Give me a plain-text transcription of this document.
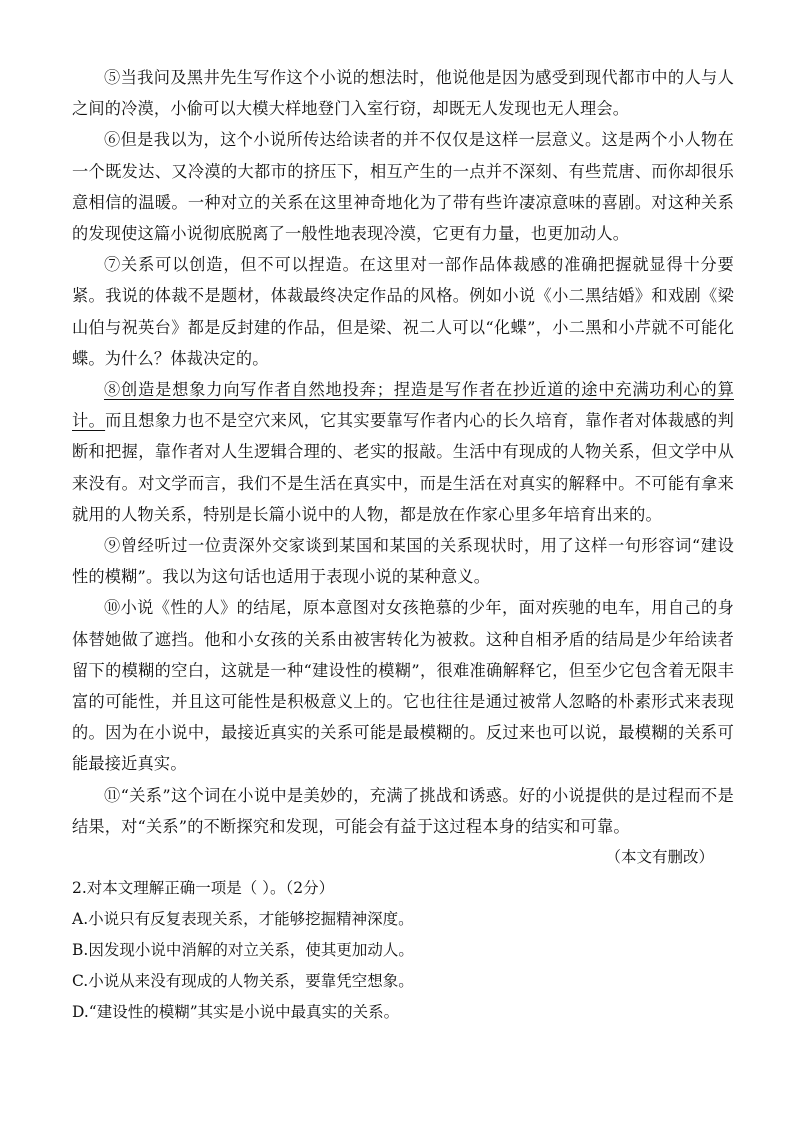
⑤当我问及黑井先生写作这个小说的想法时，他说他是因为感受到现代都市中的人与人之间的冷漠，小偷可以大模大样地登门入室行窃，却既无人发现也无人理会。

⑥但是我以为，这个小说所传达给读者的并不仅仅是这样一层意义。这是两个小人物在一个既发达、又冷漠的大都市的挤压下，相互产生的一点并不深刻、有些荒唐、而你却很乐意相信的温暖。一种对立的关系在这里神奇地化为了带有些许凄凉意味的喜剧。对这种关系的发现使这篇小说彻底脱离了一般性地表现冷漠，它更有力量，也更加动人。

⑦关系可以创造，但不可以捏造。在这里对一部作品体裁感的准确把握就显得十分要紧。我说的体裁不是题材，体裁最终决定作品的风格。例如小说《小二黑结婚》和戏剧《梁山伯与祝英台》都是反封建的作品，但是梁、祝二人可以“化蝶”，小二黑和小芹就不可能化蝶。为什么？体裁决定的。

⑧创造是想象力向写作者自然地投奔；捏造是写作者在抄近道的途中充满功利心的算计。而且想象力也不是空穴来风，它其实要靠写作者内心的长久培育，靠作者对体裁感的判断和把握，靠作者对人生逻辑合理的、老实的报敲。生活中有现成的人物关系，但文学中从来没有。对文学而言，我们不是生活在真实中，而是生活在对真实的解释中。不可能有拿来就用的人物关系，特别是长篇小说中的人物，都是放在作家心里多年培育出来的。

⑨曾经听过一位责深外交家谈到某国和某国的关系现状时，用了这样一句形容词“建设性的模糊”。我以为这句话也适用于表现小说的某种意义。

⑩小说《性的人》的结尾，原本意图对女孩艳慕的少年，面对疾驰的电车，用自己的身体替她做了遮挡。他和小女孩的关系由被害转化为被救。这种自相矛盾的结局是少年给读者留下的模糊的空白，这就是一种“建设性的模糊”，很难准确解释它，但至少它包含着无限丰富的可能性，并且这可能性是积极意义上的。它也往往是通过被常人忽略的朴素形式来表现的。因为在小说中，最接近真实的关系可能是最模糊的。反过来也可以说，最模糊的关系可能最接近真实。

⑪“关系”这个词在小说中是美妙的，充满了挑战和诱惑。好的小说提供的是过程而不是结果，对“关系”的不断探究和发现，可能会有益于这过程本身的结实和可靠。

（本文有删改）

2.对本文理解正确一项是（ ）。（2分）

A.小说只有反复表现关系，才能够挖掘精神深度。

B.因发现小说中消解的对立关系，使其更加动人。

C.小说从来没有现成的人物关系，要靠凭空想象。

D.“建设性的模糊”其实是小说中最真实的关系。
